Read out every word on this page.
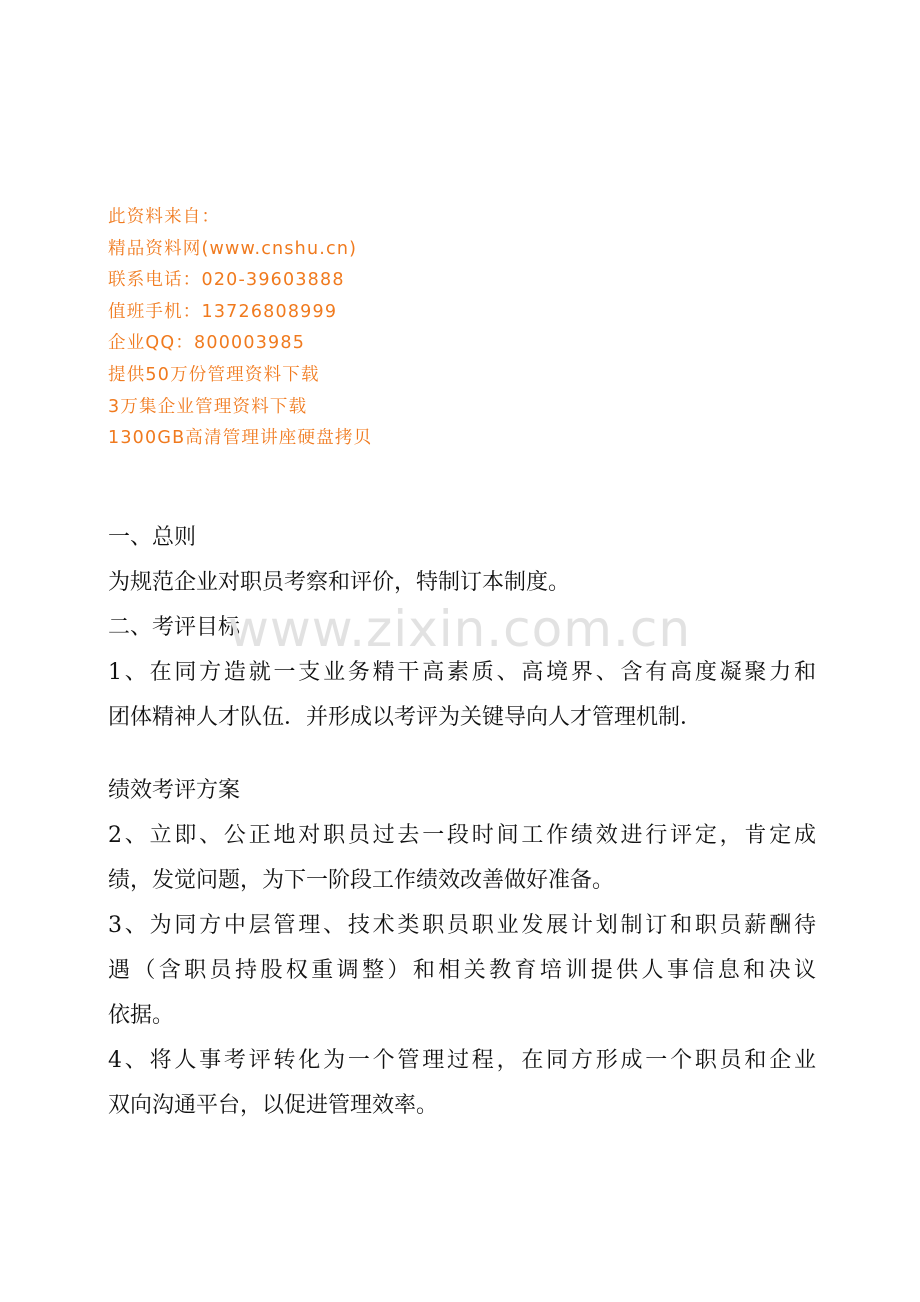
此资料来自：
精品资料网(www.cnshu.cn)
联系电话：020-39603888
值班手机：13726808999
企业QQ：800003985
提供50万份管理资料下载
3万集企业管理资料下载
1300GB高清管理讲座硬盘拷贝
一、总则
为规范企业对职员考察和评价，特制订本制度。
二、考评目标
1、在同方造就一支业务精干高素质、高境界、含有高度凝聚力和
团体精神人才队伍．并形成以考评为关键导向人才管理机制．
绩效考评方案
2、立即、公正地对职员过去一段时间工作绩效进行评定，肯定成
绩，发觉问题，为下一阶段工作绩效改善做好准备。
3、为同方中层管理、技术类职员职业发展计划制订和职员薪酬待
遇（含职员持股权重调整）和相关教育培训提供人事信息和决议
依据。
4、将人事考评转化为一个管理过程，在同方形成一个职员和企业
双向沟通平台，以促进管理效率。
www.zixin.com.cn
